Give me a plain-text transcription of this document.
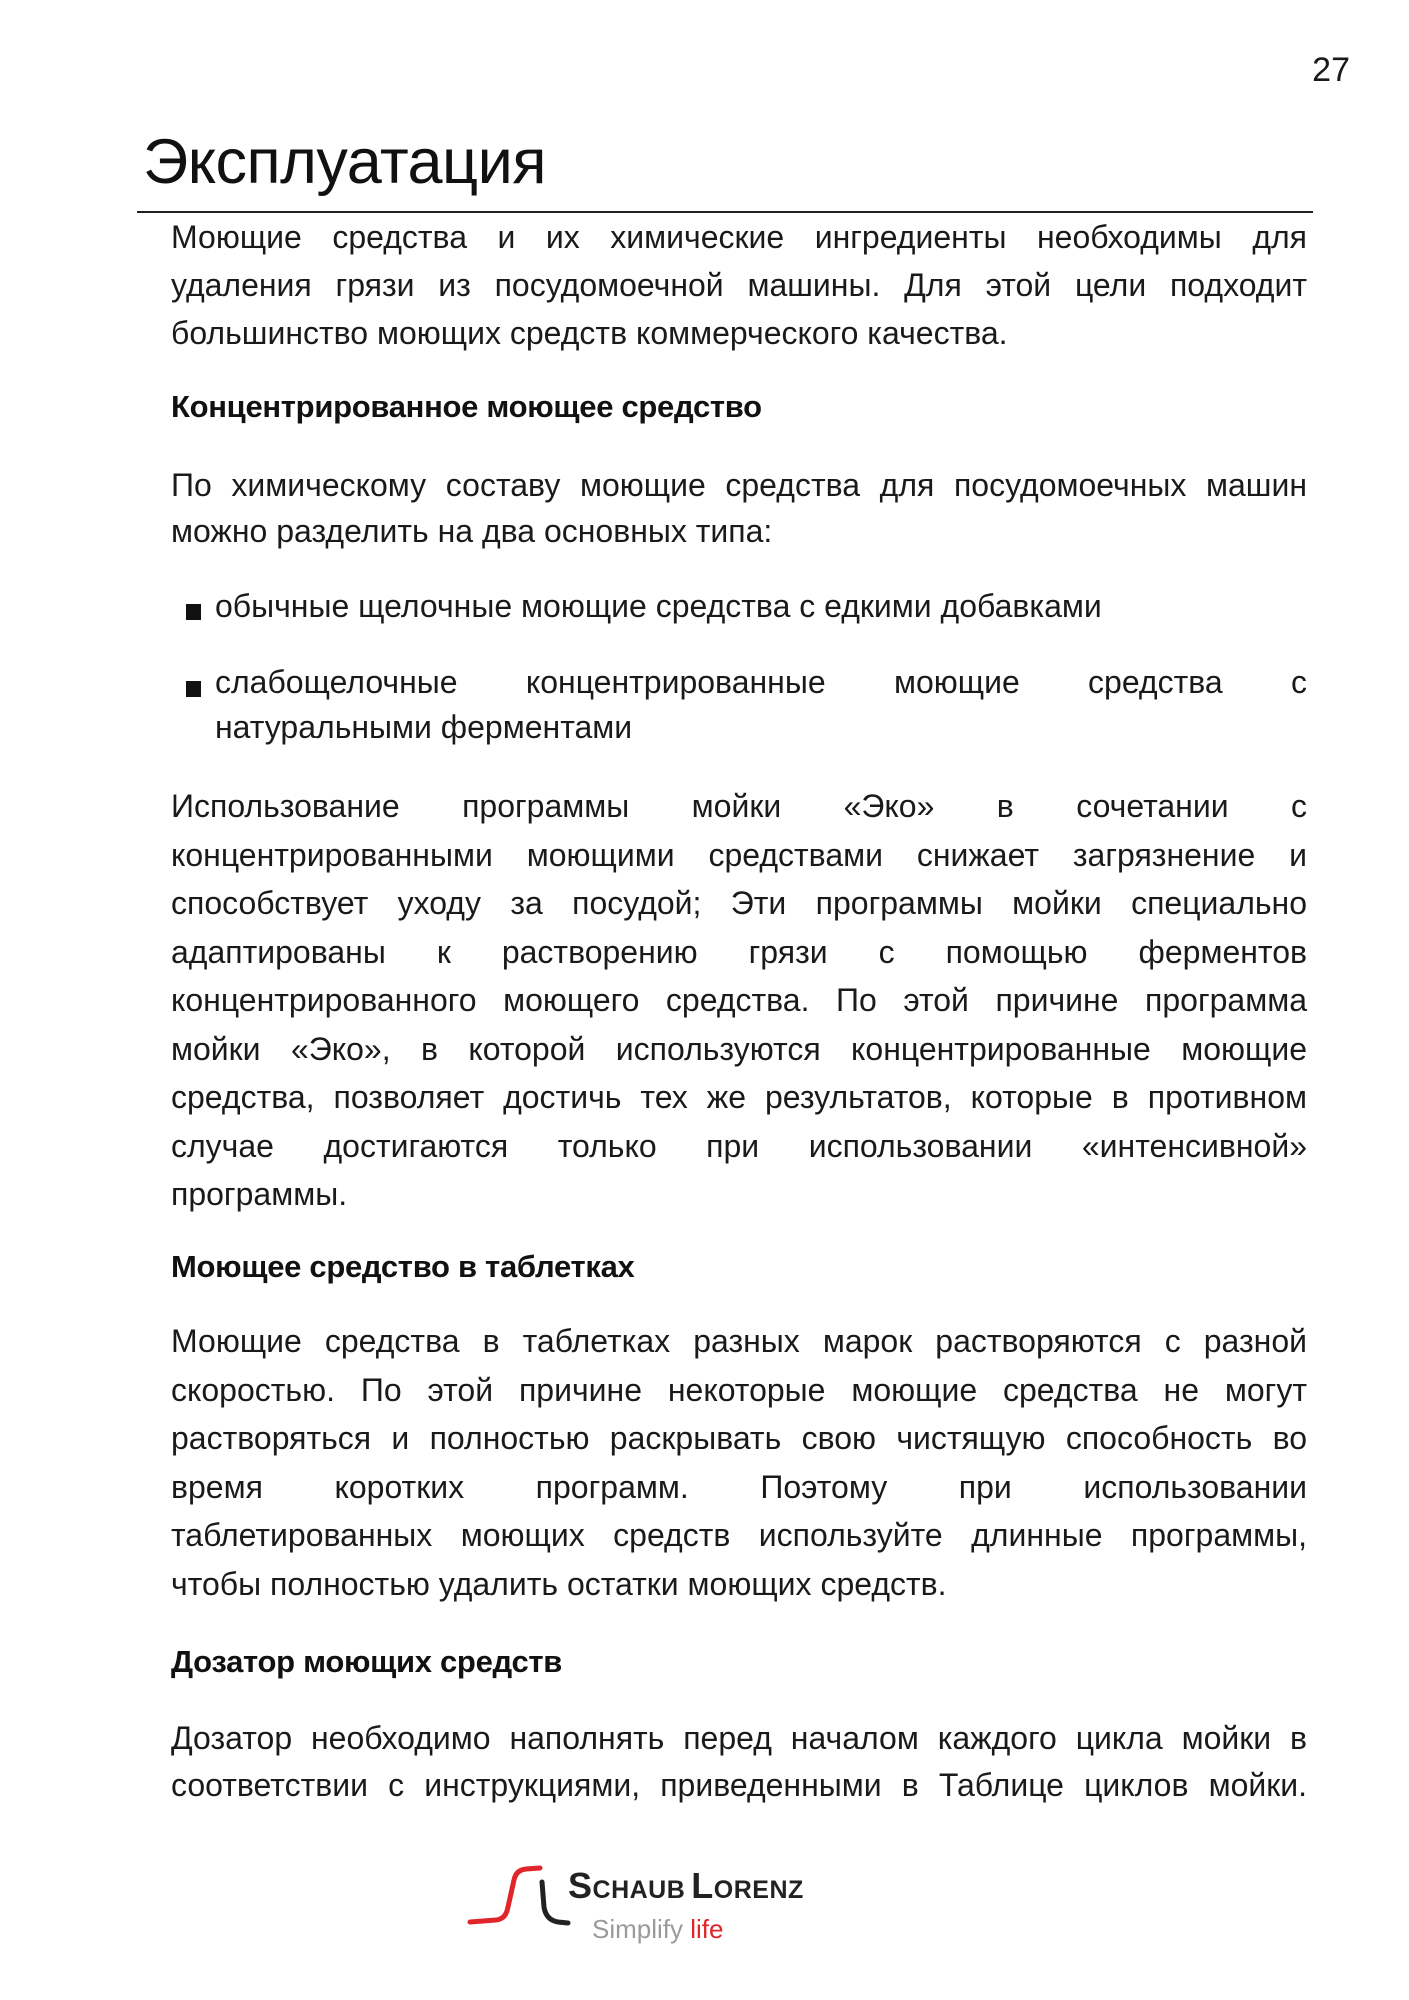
27
Эксплуатация
Моющие средства и их химические ингредиенты необходимы для
удаления грязи из посудомоечной машины. Для этой цели подходит
большинство моющих средств коммерческого качества.
Концентрированное моющее средство
По химическому составу моющие средства для посудомоечных машин
можно разделить на два основных типа:
обычные щелочные моющие средства с едкими добавками
слабощелочные концентрированные моющие средства с
натуральными ферментами
Использование программы мойки «Эко» в сочетании с
концентрированными моющими средствами снижает загрязнение и
способствует уходу за посудой; Эти программы мойки специально
адаптированы к растворению грязи с помощью ферментов
концентрированного моющего средства. По этой причине программа
мойки «Эко», в которой используются концентрированные моющие
средства, позволяет достичь тех же результатов, которые в противном
случае достигаются только при использовании «интенсивной»
программы.
Моющее средство в таблетках
Моющие средства в таблетках разных марок растворяются с разной
скоростью. По этой причине некоторые моющие средства не могут
растворяться и полностью раскрывать свою чистящую способность во
время коротких программ. Поэтому при использовании
таблетированных моющих средств используйте длинные программы,
чтобы полностью удалить остатки моющих средств.
Дозатор моющих средств
Дозатор необходимо наполнять перед началом каждого цикла мойки в
соответствии с инструкциями, приведенными в Таблице циклов мойки.
Schaub Lorenz
Simplify life
